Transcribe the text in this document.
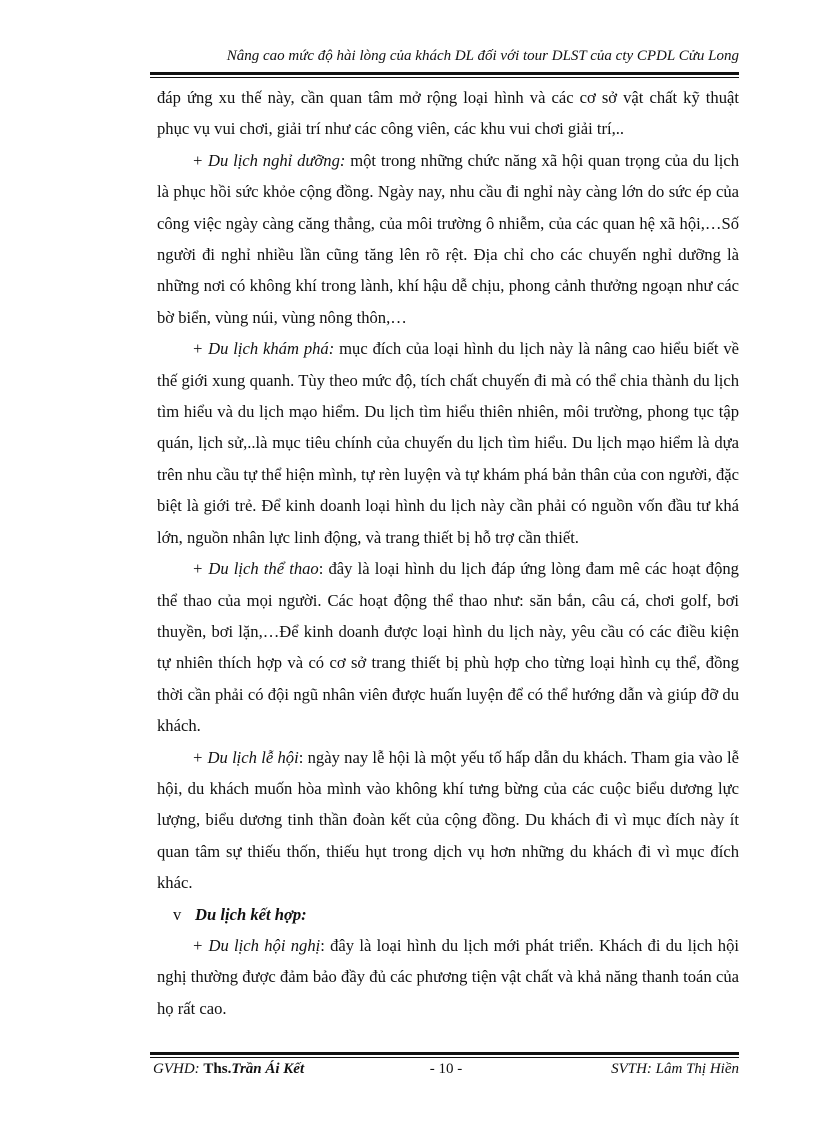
Nâng cao mức độ hài lòng của khách DL đối với tour DLST của cty CPDL Cửu Long

đáp ứng xu thế này, cần quan tâm mở rộng loại hình và các cơ sở vật chất kỹ thuật phục vụ vui chơi, giải trí như các công viên, các khu vui chơi giải trí,..

+ Du lịch nghỉ dưỡng: một trong những chức năng xã hội quan trọng của du lịch là phục hồi sức khỏe cộng đồng. Ngày nay, nhu cầu đi nghỉ này càng lớn do sức ép của công việc ngày càng căng thẳng, của môi trường ô nhiễm, của các quan hệ xã hội,…Số người đi nghỉ nhiều lần cũng tăng lên rõ rệt. Địa chỉ cho các chuyến nghỉ dưỡng là những nơi có không khí trong lành, khí hậu dễ chịu, phong cảnh thưởng ngoạn như các bờ biển, vùng núi, vùng nông thôn,…

+ Du lịch khám phá: mục đích của loại hình du lịch này là nâng cao hiểu biết về thế giới xung quanh. Tùy theo mức độ, tích chất chuyến đi mà có thể chia thành du lịch tìm hiểu và du lịch mạo hiểm. Du lịch tìm hiểu thiên nhiên, môi trường, phong tục tập quán, lịch sử,..là mục tiêu chính của chuyến du lịch tìm hiểu. Du lịch mạo hiểm là dựa trên nhu cầu tự thể hiện mình, tự rèn luyện và tự khám phá bản thân của con người, đặc biệt là giới trẻ. Để kinh doanh loại hình du lịch này cần phải có nguồn vốn đầu tư khá lớn, nguồn nhân lực linh động, và trang thiết bị hỗ trợ cần thiết.

+ Du lịch thể thao: đây là loại hình du lịch đáp ứng lòng đam mê các hoạt động thể thao của mọi người. Các hoạt động thể thao như: săn bắn, câu cá, chơi golf, bơi thuyền, bơi lặn,…Để kinh doanh được loại hình du lịch này, yêu cầu có các điều kiện tự nhiên thích hợp và có cơ sở trang thiết bị phù hợp cho từng loại hình cụ thể, đồng thời cần phải có đội ngũ nhân viên được huấn luyện để có thể hướng dẫn và giúp đỡ du khách.

+ Du lịch lễ hội: ngày nay lễ hội là một yếu tố hấp dẫn du khách. Tham gia vào lễ hội, du khách muốn hòa mình vào không khí tưng bừng của các cuộc biểu dương lực lượng, biểu dương tinh thần đoàn kết của cộng đồng. Du khách đi vì mục đích này ít quan tâm sự thiếu thốn, thiếu hụt trong dịch vụ hơn những du khách đi vì mục đích khác.

v Du lịch kết hợp:

+ Du lịch hội nghị: đây là loại hình du lịch mới phát triển. Khách đi du lịch hội nghị thường được đảm bảo đầy đủ các phương tiện vật chất và khả năng thanh toán của họ rất cao.

GVHD: Ths.Trần Ái Kết	- 10 -	SVTH: Lâm Thị Hiền
